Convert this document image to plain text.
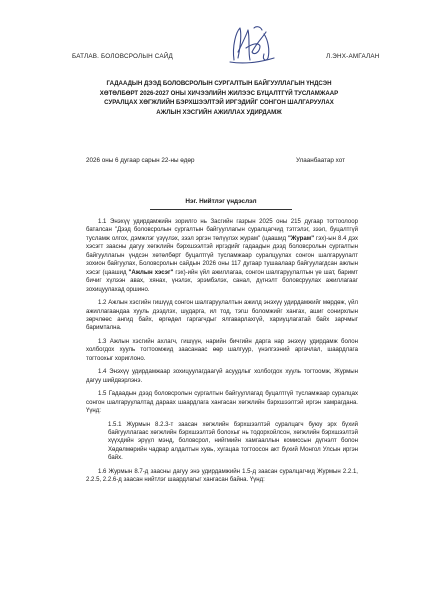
БАТЛАВ. БОЛОВСРОЛЫН САЙД	Л.ЭНХ-АМГАЛАН
ГАДААДЫН ДЭЭД БОЛОВСРОЛЫН СУРГАЛТЫН БАЙГУУЛЛАГЫН ҮНДСЭН
ХӨТӨЛБӨРТ 2026-2027 ОНЫ ХИЧЭЭЛИЙН ЖИЛЭЭС БҮЦАЛТГҮЙ ТУСЛАМЖААР
СУРАЛЦАХ ХӨГЖЛИЙН БЭРХШЭЭЛТЭЙ ИРГЭДИЙГ СОНГОН ШАЛГАРУУЛАХ
АЖЛЫН ХЭСГИЙН АЖИЛЛАХ УДИРДАМЖ
2026 оны 6 дугаар сарын 22-ны өдөр	Улаанбаатар хот
Нэг. Нийтлэг үндэслэл

1.1 Энэхүү удирдамжийн зорилго нь Засгийн газрын 2025 оны 215 дугаар тогтоолоор баталсан "Дээд боловсролын сургалтын байгууллагын суралцагчид тэтгэлэг, зээл, буцалтгүй тусламж олгох, дэмжлэг үзүүлэх, зээл эргэн төлүүлэх журам" (цаашид "Журам" гэх)-ын 8.4 дэх хэсэгт заасны дагуу хөгжлийн бэрхшээлтэй иргэдийг гадаадын дээд боловсролын сургалтын байгууллагын үндсэн хөтөлбөрт буцалтгүй тусламжаар суралцуулах сонгон шалгаруулалт зохион байгуулах, Боловсролын сайдын 2026 оны 117 дугаар тушаалаар байгуулагдсан ажлын хэсэг (цаашид "Ажлын хэсэг" гэх)-ийн үйл ажиллагаа, сонгон шалгаруулалтын үе шат, баримт бичиг хүлээн авах, хянах, үнэлэх, эрэмбэлэх, санал, дүгнэлт боловсруулах ажиллагааг зохицуулахад оршино.

1.2 Ажлын хэсгийн гишүүд сонгон шалгаруулалтын ажилд энэхүү удирдамжийг мөрдөж, үйл ажиллагаандаа хууль дээдлэх, шударга, ил тод, тэгш боломжийг хангах, ашиг сонирхлын зөрчлөөс ангид байх, өргөдөл гаргагчдыг ялгаварлахгүй, хариуцлагатай байх зарчмыг баримтална.

1.3 Ажлын хэсгийн ахлагч, гишүүн, нарийн бичгийн дарга нар энэхүү удирдамж болон холбогдох хууль тогтоомжид заасанаас өөр шалгуур, үнэлгээний аргачлал, шаардлага тогтоохыг хориглоно.

1.4 Энэхүү удирдамжаар зохицуулагдаагүй асуудлыг холбогдох хууль тогтоомж, Журмын дагуу шийдвэрлэнэ.

1.5 Гадаадын дээд боловсролын сургалтын байгууллагад буцалтгүй тусламжаар суралцах сонгон шалгаруулалтад дараах шаардлага хангасан хөгжлийн бэрхшээлтэй иргэн хамрагдана. Үүнд:

1.5.1 Журмын 8.2.3-т заасан хөгжлийн бэрхшээлтэй суралцагч буюу эрх бүхий байгууллагаас хөгжлийн бэрхшээлтэй болохыг нь тодорхойлсон, хөгжлийн бэрхшээлтэй хүүхдийн эрүүл мэнд, боловсрол, нийгмийн хамгааллын комиссын дүгнэлт болон Хөдөлмөрийн чадвар алдалтын хувь, хугацаа тогтоосон акт бүхий Монгол Улсын иргэн байх.

1.6 Журмын 8.7-д заасны дагуу энэ удирдамжийн 1.5-д заасан суралцагчид Журмын 2.2.1, 2.2.5, 2.2.6-д заасан нийтлэг шаардлагыг хангасан байна. Үүнд:
